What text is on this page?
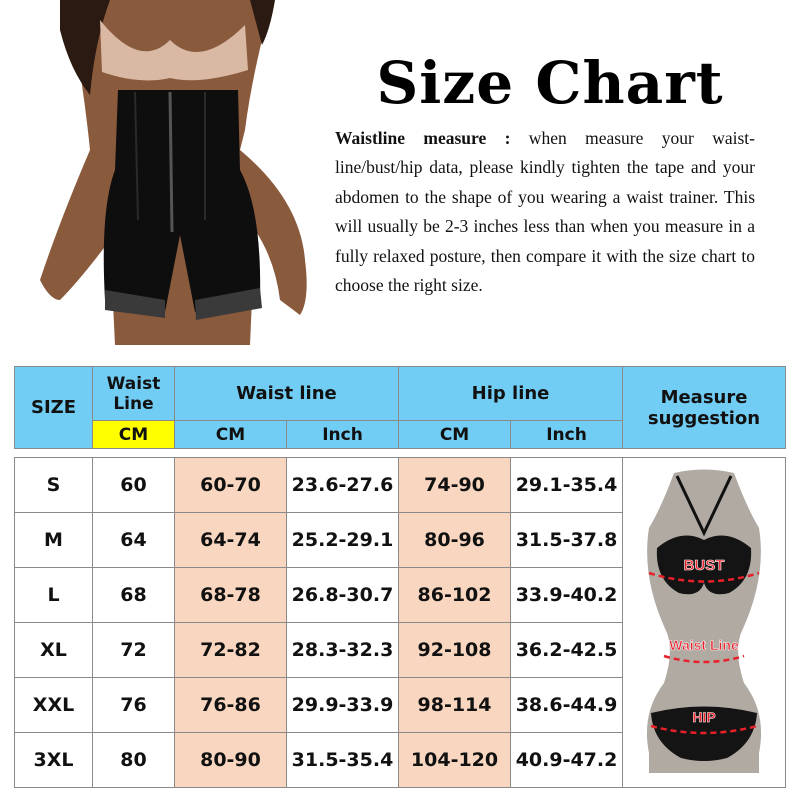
Size Chart
Waistline measure : when measure your waist-line/bust/hip data, please kindly tighten the tape and your abdomen to the shape of you wearing a waist trainer. This will usually be 2-3 inches less than when you measure in a fully relaxed posture, then compare it with the size chart to choose the right size.
SIZE	Waist Line	Waist line		Hip line		Measure suggestion
	CM	CM	Inch	CM	Inch	

S	60	60-70	23.6-27.6	74-90	29.1-35.4	BUST
Waist Line
HIP

M	64	64-74	25.2-29.1	80-96	31.5-37.8	
L	68	68-78	26.8-30.7	86-102	33.9-40.2	
XL	72	72-82	28.3-32.3	92-108	36.2-42.5	
XXL	76	76-86	29.9-33.9	98-114	38.6-44.9	
3XL	80	80-90	31.5-35.4	104-120	40.9-47.2	
